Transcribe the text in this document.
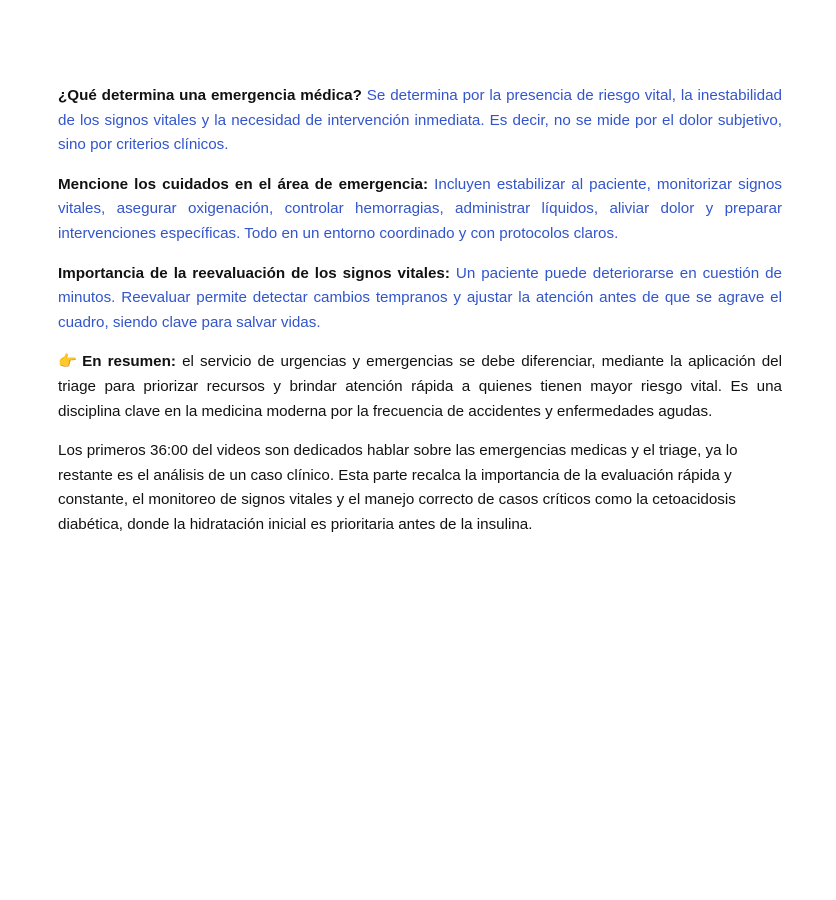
¿Qué determina una emergencia médica? Se determina por la presencia de riesgo vital, la inestabilidad de los signos vitales y la necesidad de intervención inmediata. Es decir, no se mide por el dolor subjetivo, sino por criterios clínicos.

Mencione los cuidados en el área de emergencia: Incluyen estabilizar al paciente, monitorizar signos vitales, asegurar oxigenación, controlar hemorragias, administrar líquidos, aliviar dolor y preparar intervenciones específicas. Todo en un entorno coordinado y con protocolos claros.

Importancia de la reevaluación de los signos vitales: Un paciente puede deteriorarse en cuestión de minutos. Reevaluar permite detectar cambios tempranos y ajustar la atención antes de que se agrave el cuadro, siendo clave para salvar vidas.

👉 En resumen: el servicio de urgencias y emergencias se debe diferenciar, mediante la aplicación del triage para priorizar recursos y brindar atención rápida a quienes tienen mayor riesgo vital. Es una disciplina clave en la medicina moderna por la frecuencia de accidentes y enfermedades agudas.

Los primeros 36:00 del videos son dedicados hablar sobre las emergencias medicas y el triage, ya lo restante es el análisis de un caso clínico. Esta parte recalca la importancia de la evaluación rápida y constante, el monitoreo de signos vitales y el manejo correcto de casos críticos como la cetoacidosis diabética, donde la hidratación inicial es prioritaria antes de la insulina.
